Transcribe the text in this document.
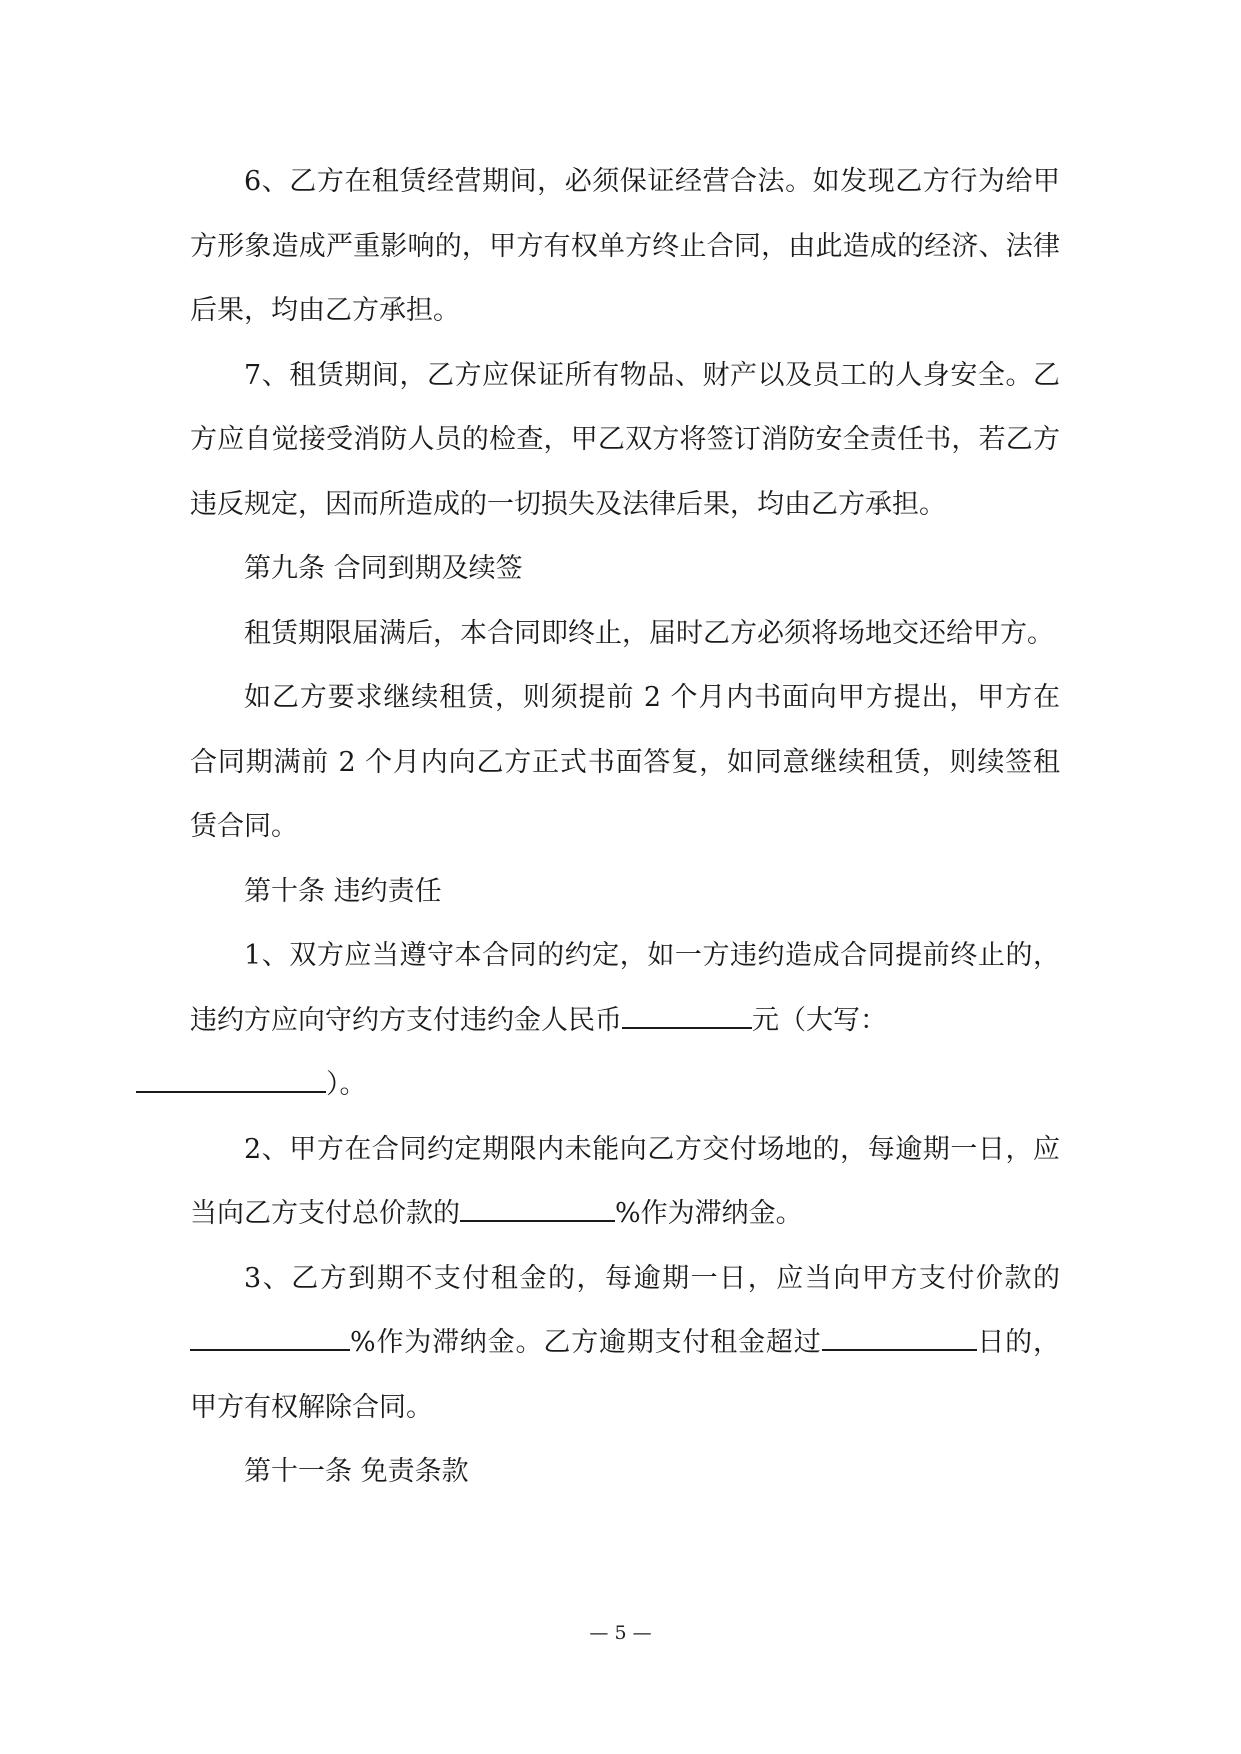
6、乙方在租赁经营期间，必须保证经营合法。如发现乙方行为给甲方形象造成严重影响的，甲方有权单方终止合同，由此造成的经济、法律后果，均由乙方承担。

7、租赁期间，乙方应保证所有物品、财产以及员工的人身安全。乙方应自觉接受消防人员的检查，甲乙双方将签订消防安全责任书，若乙方违反规定，因而所造成的一切损失及法律后果，均由乙方承担。

第九条 合同到期及续签

租赁期限届满后，本合同即终止，届时乙方必须将场地交还给甲方。

如乙方要求继续租赁，则须提前 2 个月内书面向甲方提出，甲方在合同期满前 2 个月内向乙方正式书面答复，如同意继续租赁，则续签租赁合同。

第十条 违约责任

1、双方应当遵守本合同的约定，如一方违约造成合同提前终止的，违约方应向守约方支付违约金人民币	元（大写：
）。

2、甲方在合同约定期限内未能向乙方交付场地的，每逾期一日，应当向乙方支付总价款的	%作为滞纳金。

3、乙方到期不支付租金的，每逾期一日，应当向甲方支付价款的%作为滞纳金。乙方逾期支付租金超过	日的，甲方有权解除合同。

第十一条 免责条款

— 5 —
